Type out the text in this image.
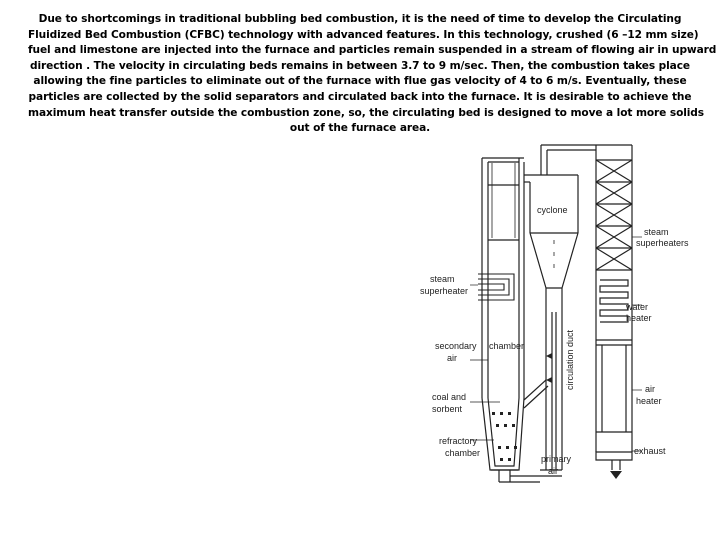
Due to shortcomings in traditional bubbling bed combustion, it is the need of time to develop the Circulating
Fluidized Bed Combustion (CFBC) technology with advanced features. In this technology, crushed (6 –12 mm size)
fuel and limestone are injected into the furnace and particles remain suspended in a stream of flowing air in upward
direction . The velocity in circulating beds remains in between 3.7 to 9 m/sec. Then, the combustion takes place
allowing the fine particles to eliminate out of the furnace with flue gas velocity of 4 to 6 m/s. Eventually, these
particles are collected by the solid separators and circulated back into the furnace. It is desirable to achieve the
maximum heat transfer outside the combustion zone, so, the circulating bed is designed to move a lot more solids
out of the furnace area.
cyclone
steam
superheaters
steam
superheater
water
heater
secondary
air
chamber	circulation duct
coal and
sorbent
air
heater
refractory
chamber	exhaust
primary
air
